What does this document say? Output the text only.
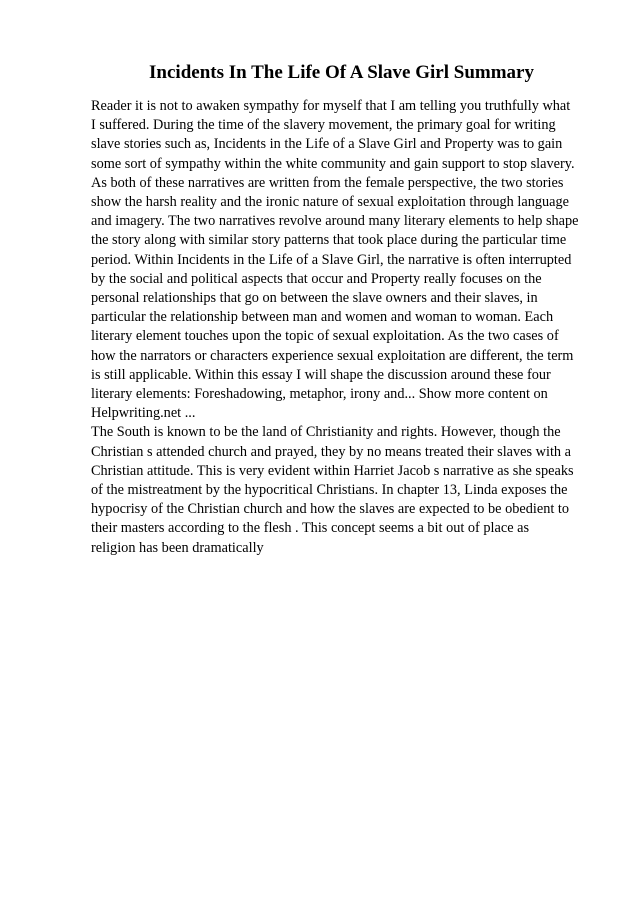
Incidents In The Life Of A Slave Girl Summary
Reader it is not to awaken sympathy for myself that I am telling you truthfully what
I suffered. During the time of the slavery movement, the primary goal for writing
slave stories such as, Incidents in the Life of a Slave Girl and Property was to gain
some sort of sympathy within the white community and gain support to stop slavery.
As both of these narratives are written from the female perspective, the two stories
show the harsh reality and the ironic nature of sexual exploitation through language
and imagery. The two narratives revolve around many literary elements to help shape
the story along with similar story patterns that took place during the particular time
period. Within Incidents in the Life of a Slave Girl, the narrative is often interrupted
by the social and political aspects that occur and Property really focuses on the
personal relationships that go on between the slave owners and their slaves, in
particular the relationship between man and women and woman to woman. Each
literary element touches upon the topic of sexual exploitation. As the two cases of
how the narrators or characters experience sexual exploitation are different, the term
is still applicable. Within this essay I will shape the discussion around these four
literary elements: Foreshadowing, metaphor, irony and... Show more content on
Helpwriting.net ...
The South is known to be the land of Christianity and rights. However, though the
Christian s attended church and prayed, they by no means treated their slaves with a
Christian attitude. This is very evident within Harriet Jacob s narrative as she speaks
of the mistreatment by the hypocritical Christians. In chapter 13, Linda exposes the
hypocrisy of the Christian church and how the slaves are expected to be obedient to
their masters according to the flesh . This concept seems a bit out of place as
religion has been dramatically
